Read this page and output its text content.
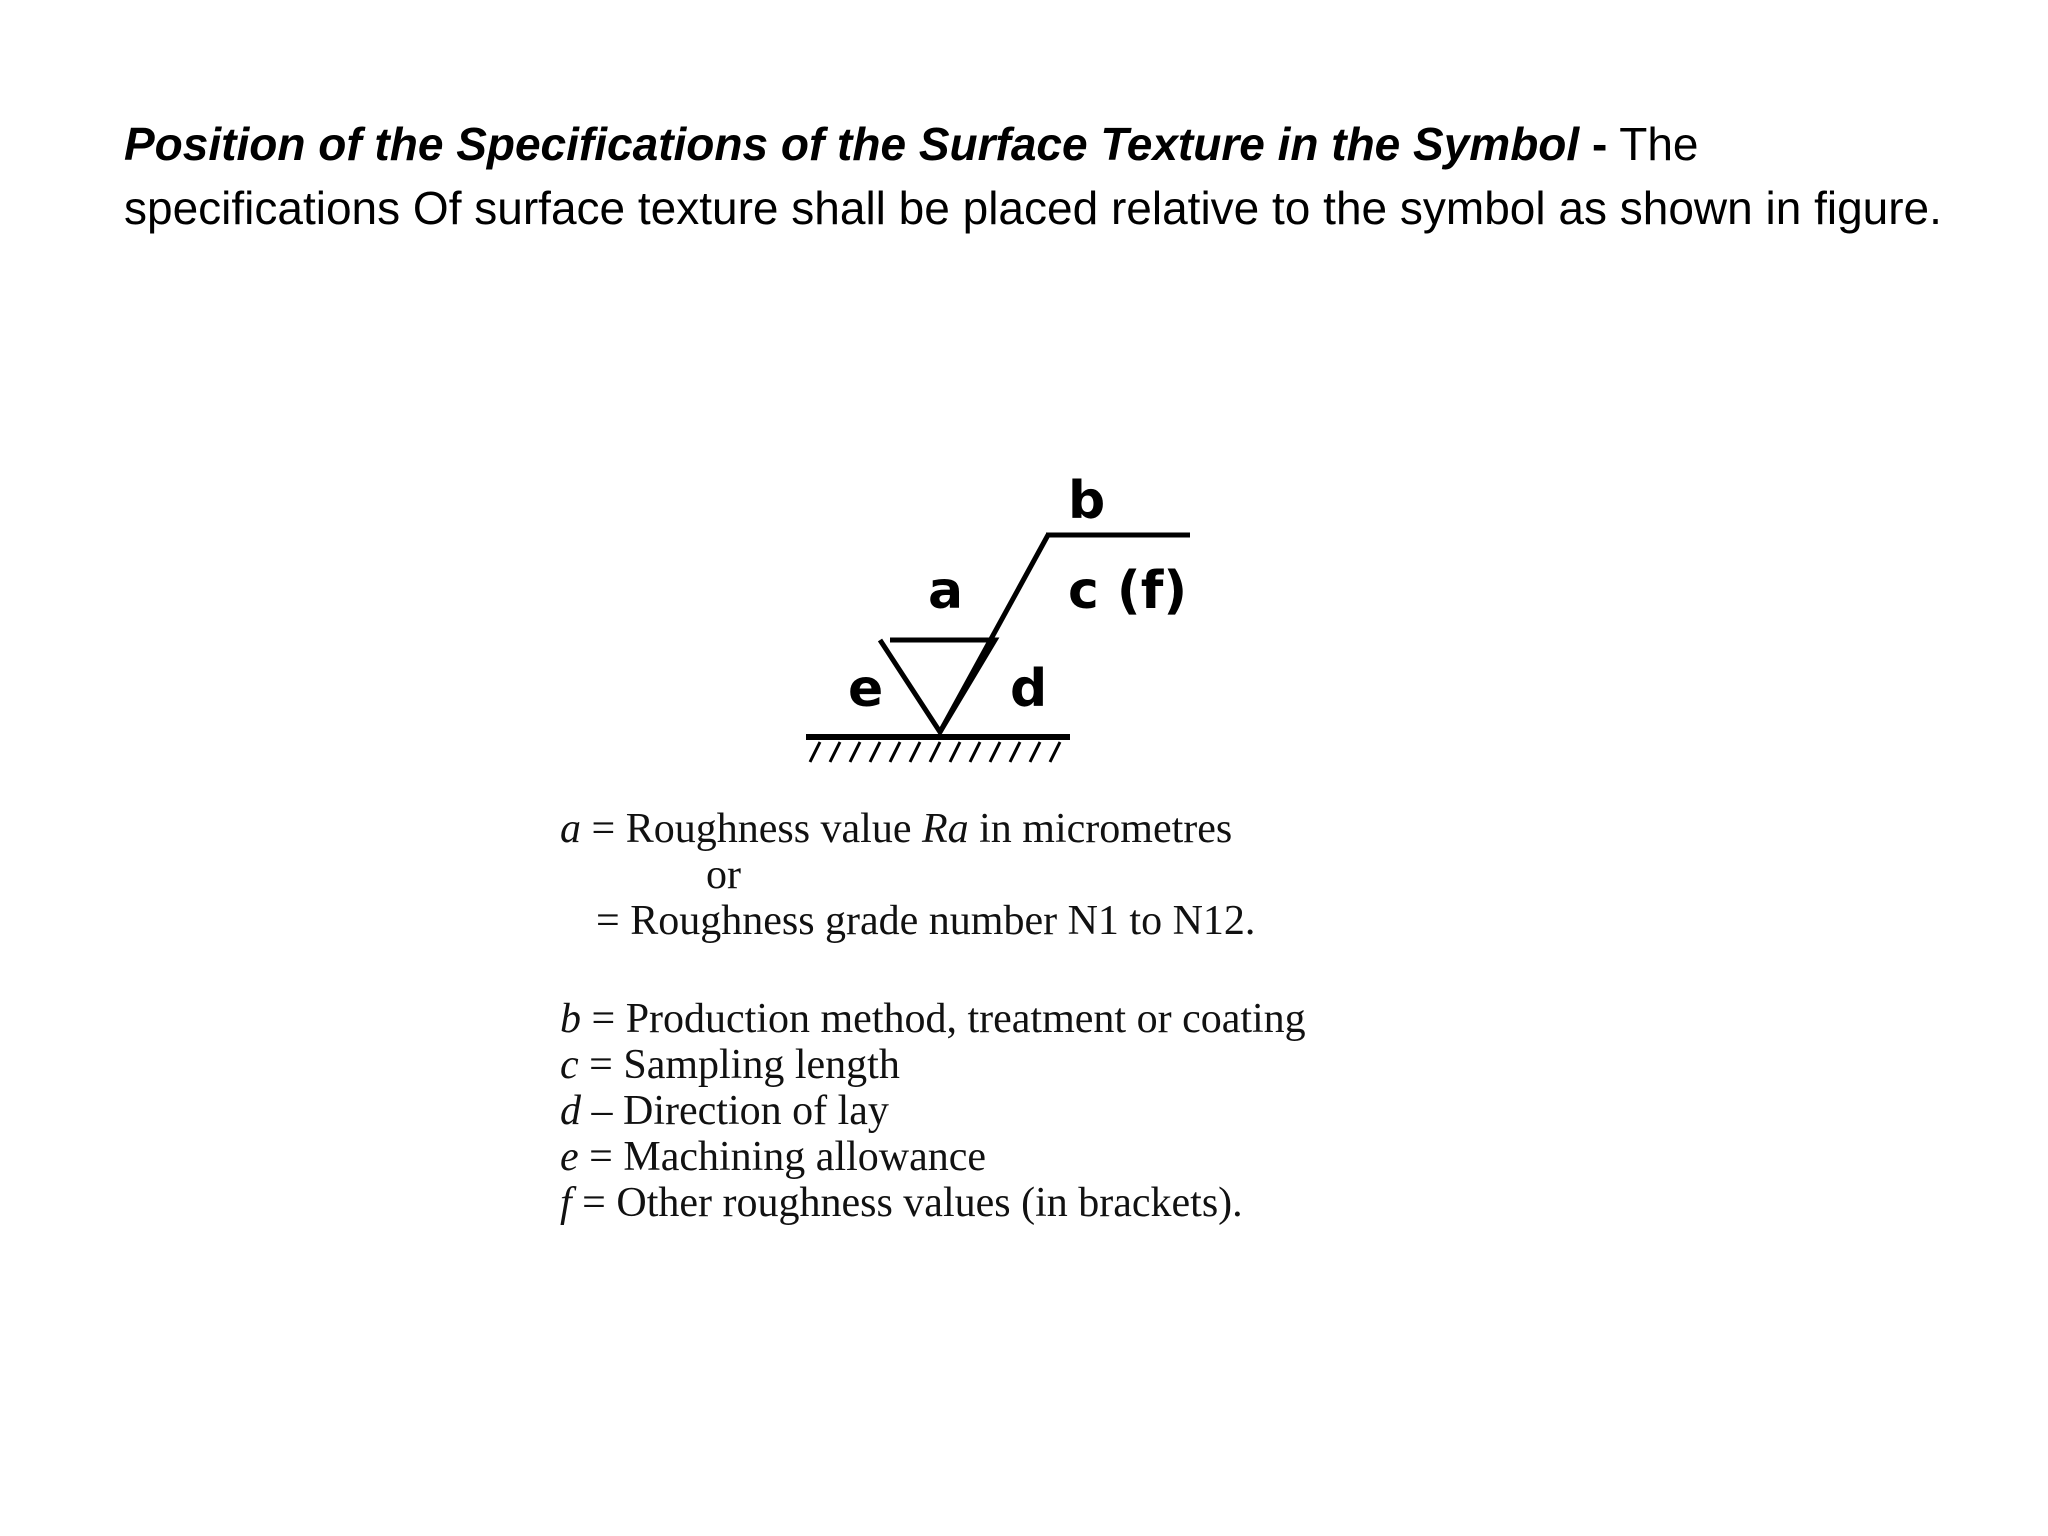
Position of the Specifications of the Surface Texture in the Symbol - The specifications Of surface texture shall be placed relative to the symbol as shown in figure.
b
a c (f)
e d
a = Roughness value Ra in micrometres
or
= Roughness grade number N1 to N12.
b = Production method, treatment or coating
c = Sampling length
d – Direction of lay
e = Machining allowance
f = Other roughness values (in brackets).
